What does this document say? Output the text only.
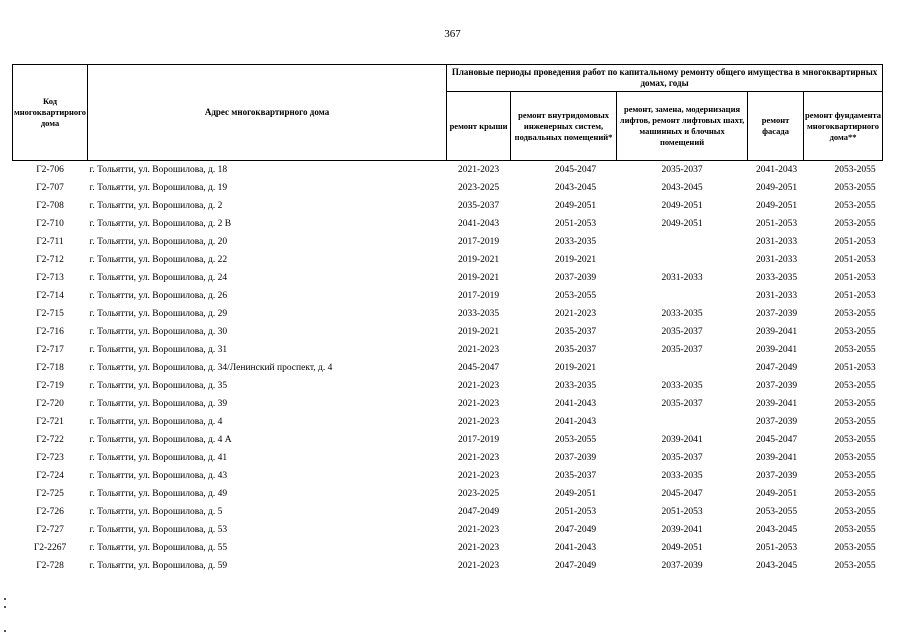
367
Код многоквартирного дома	Адрес многоквартирного дома	Плановые периоды проведения работ по капитальному ремонту общего имущества в многоквартирных домах, годы				
		ремонт крыши	ремонт внутридомовых инженерных систем, подвальных помещений*	ремонт, замена, модернизация лифтов, ремонт лифтовых шахт, машинных и блочных помещений	ремонт фасада	ремонт фундамента многоквартирного дома**
Г2-706	г. Тольятти, ул. Ворошилова, д. 18	2021-2023	2045-2047	2035-2037	2041-2043	2053-2055
Г2-707	г. Тольятти, ул. Ворошилова, д. 19	2023-2025	2043-2045	2043-2045	2049-2051	2053-2055
Г2-708	г. Тольятти, ул. Ворошилова, д. 2	2035-2037	2049-2051	2049-2051	2049-2051	2053-2055
Г2-710	г. Тольятти, ул. Ворошилова, д. 2 В	2041-2043	2051-2053	2049-2051	2051-2053	2053-2055
Г2-711	г. Тольятти, ул. Ворошилова, д. 20	2017-2019	2033-2035		2031-2033	2051-2053
Г2-712	г. Тольятти, ул. Ворошилова, д. 22	2019-2021	2019-2021		2031-2033	2051-2053
Г2-713	г. Тольятти, ул. Ворошилова, д. 24	2019-2021	2037-2039	2031-2033	2033-2035	2051-2053
Г2-714	г. Тольятти, ул. Ворошилова, д. 26	2017-2019	2053-2055		2031-2033	2051-2053
Г2-715	г. Тольятти, ул. Ворошилова, д. 29	2033-2035	2021-2023	2033-2035	2037-2039	2053-2055
Г2-716	г. Тольятти, ул. Ворошилова, д. 30	2019-2021	2035-2037	2035-2037	2039-2041	2053-2055
Г2-717	г. Тольятти, ул. Ворошилова, д. 31	2021-2023	2035-2037	2035-2037	2039-2041	2053-2055
Г2-718	г. Тольятти, ул. Ворошилова, д. 34/Ленинский проспект, д. 4	2045-2047	2019-2021		2047-2049	2051-2053
Г2-719	г. Тольятти, ул. Ворошилова, д. 35	2021-2023	2033-2035	2033-2035	2037-2039	2053-2055
Г2-720	г. Тольятти, ул. Ворошилова, д. 39	2021-2023	2041-2043	2035-2037	2039-2041	2053-2055
Г2-721	г. Тольятти, ул. Ворошилова, д. 4	2021-2023	2041-2043		2037-2039	2053-2055
Г2-722	г. Тольятти, ул. Ворошилова, д. 4 А	2017-2019	2053-2055	2039-2041	2045-2047	2053-2055
Г2-723	г. Тольятти, ул. Ворошилова, д. 41	2021-2023	2037-2039	2035-2037	2039-2041	2053-2055
Г2-724	г. Тольятти, ул. Ворошилова, д. 43	2021-2023	2035-2037	2033-2035	2037-2039	2053-2055
Г2-725	г. Тольятти, ул. Ворошилова, д. 49	2023-2025	2049-2051	2045-2047	2049-2051	2053-2055
Г2-726	г. Тольятти, ул. Ворошилова, д. 5	2047-2049	2051-2053	2051-2053	2053-2055	2053-2055
Г2-727	г. Тольятти, ул. Ворошилова, д. 53	2021-2023	2047-2049	2039-2041	2043-2045	2053-2055
Г2-2267	г. Тольятти, ул. Ворошилова, д. 55	2021-2023	2041-2043	2049-2051	2051-2053	2053-2055
Г2-728	г. Тольятти, ул. Ворошилова, д. 59	2021-2023	2047-2049	2037-2039	2043-2045	2053-2055
